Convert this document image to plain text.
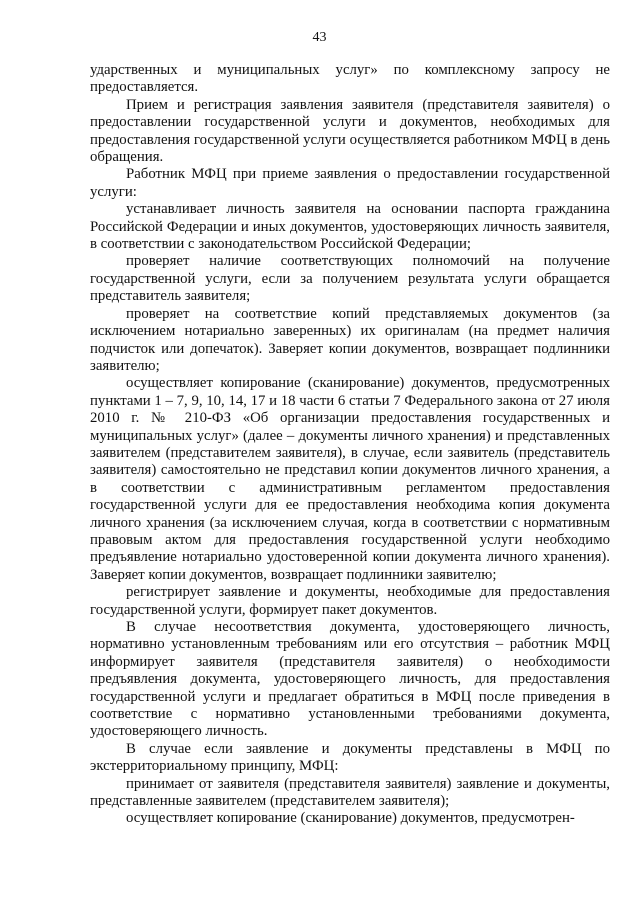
43

ударственных и муниципальных услуг» по комплексному запросу не предоставляется.

Прием и регистрация заявления заявителя (представителя заявителя) о предоставлении государственной услуги и документов, необходимых для предоставления государственной услуги осуществляется работником МФЦ в день обращения.

Работник МФЦ при приеме заявления о предоставлении государственной услуги:

устанавливает личность заявителя на основании паспорта гражданина Российской Федерации и иных документов, удостоверяющих личность заявителя, в соответствии с законодательством Российской Федерации;

проверяет наличие соответствующих полномочий на получение государственной услуги, если за получением результата услуги обращается представитель заявителя;

проверяет на соответствие копий представляемых документов (за исключением нотариально заверенных) их оригиналам (на предмет наличия подчисток или допечаток). Заверяет копии документов, возвращает подлинники заявителю;

осуществляет копирование (сканирование) документов, предусмотренных пунктами 1 – 7, 9, 10, 14, 17 и 18 части 6 статьи 7 Федерального закона от 27 июля 2010 г. № 210-ФЗ «Об организации предоставления государственных и муниципальных услуг» (далее – документы личного хранения) и представленных заявителем (представителем заявителя), в случае, если заявитель (представитель заявителя) самостоятельно не представил копии документов личного хранения, а в соответствии с административным регламентом предоставления государственной услуги для ее предоставления необходима копия документа личного хранения (за исключением случая, когда в соответствии с нормативным правовым актом для предоставления государственной услуги необходимо предъявление нотариально удостоверенной копии документа личного хранения). Заверяет копии документов, возвращает подлинники заявителю;

регистрирует заявление и документы, необходимые для предоставления государственной услуги, формирует пакет документов.

В случае несоответствия документа, удостоверяющего личность, нормативно установленным требованиям или его отсутствия – работник МФЦ информирует заявителя (представителя заявителя) о необходимости предъявления документа, удостоверяющего личность, для предоставления государственной услуги и предлагает обратиться в МФЦ после приведения в соответствие с нормативно установленными требованиями документа, удостоверяющего личность.

В случае если заявление и документы представлены в МФЦ по экстерриториальному принципу, МФЦ:

принимает от заявителя (представителя заявителя) заявление и документы, представленные заявителем (представителем заявителя);

осуществляет копирование (сканирование) документов, предусмотрен-
